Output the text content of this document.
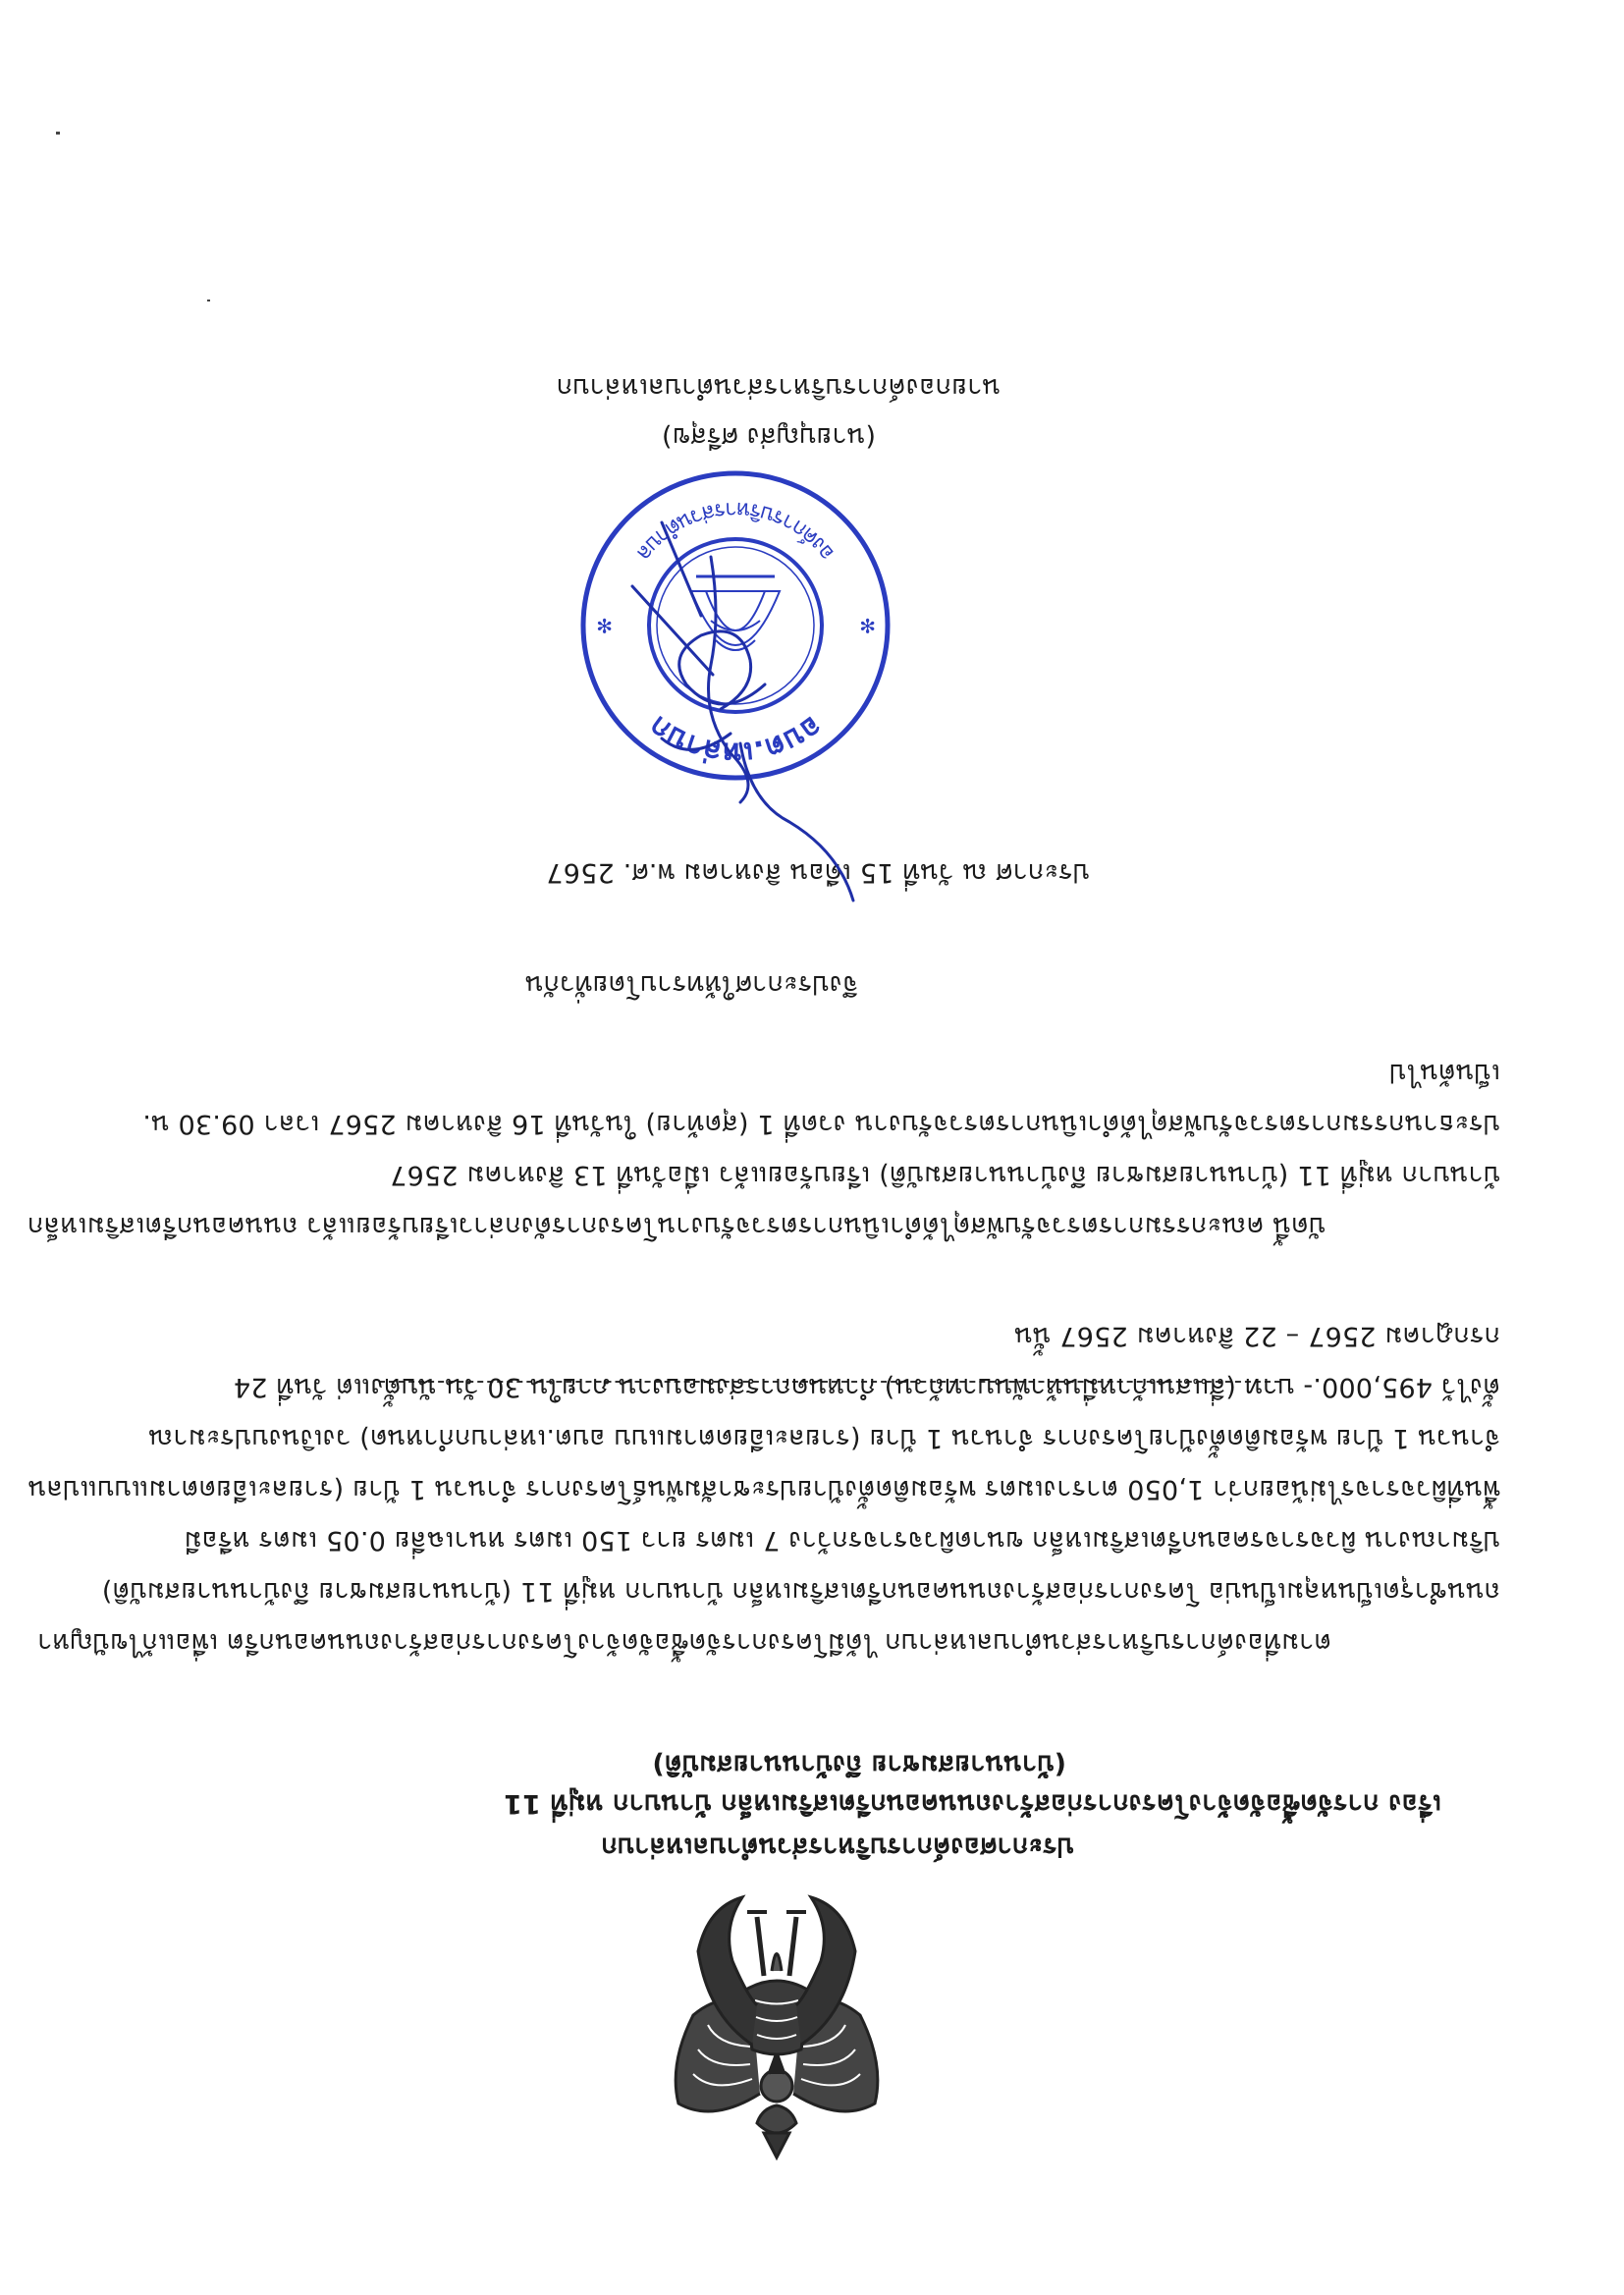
ประกาศองค์การบริหารส่วนตำบลเหล่าบก
เรื่อง การจัดซื้อจัดจ้างโครงการก่อสร้างถนนคอนกรีตเสริมเหล็ก บ้านบาก หมู่ที่ 11
(บ้านนายสมชาย ถึงบ้านนายสมบัติ)
ตามที่องค์การบริหารส่วนตำบลเหล่าบก ได้มีโครงการจัดซื้อจัดจ้างโครงการก่อสร้างถนนคอนกรีต เพื่อแก้ไขปัญหา
ถนนชำรุดเป็นหลุมเป็นบ่อ โครงการก่อสร้างถนนคอนกรีตเสริมเหล็ก บ้านบาก หมู่ที่ 11 (บ้านนายสมชาย ถึงบ้านนายสมบัติ)
ปริมาณงาน ผิวจราจรคอนกรีตเสริมเหล็ก ขนาดผิวจราจรกว้าง 7 เมตร ยาว 150 เมตร หนาเฉลี่ย 0.05 เมตร หรือมี
พื้นที่ผิวจราจรไม่น้อยกว่า 1,050 ตารางเมตร พร้อมติดตั้งป้ายประชาสัมพันธ์โครงการ จำนวน 1 ป้าย (รายละเอียดตามแบบแปลน
จำนวน 1 ป้าย พร้อมติดตั้งป้ายโครงการ จำนวน 1 ป้าย (รายละเอียดตามแบบ อบต.เหล่าบกกำหนด) วงเงินงบประมาณ
ตั้งไว้ 495,000.- บาท (สี่แสนเก้าหมื่นห้าพันบาทถ้วน) กำหนดการส่งมอบงาน ภายใน 30 วัน นับตั้งแต่ วันที่ 24
กรกฎาคม 2567 – 22 สิงหาคม 2567 นั้น
บัดนี้ คณะกรรมการตรวจรับพัสดุได้ดำเนินการตรวจรับงานโครงการดังกล่าวเรียบร้อยแล้ว ถนนคอนกรีตเสริมเหล็ก
บ้านบาก หมู่ที่ 11 (บ้านนายสมชาย ถึงบ้านนายสมบัติ) เรียบร้อยแล้ว เมื่อวันที่ 13 สิงหาคม 2567
ประธานกรรมการตรวจรับพัสดุได้ดำเนินการตรวจรับงาน งวดที่ 1 (สุดท้าย) ในวันที่ 16 สิงหาคม 2567 เวลา 09.30 น.
เป็นต้นไป
จึงประกาศให้ทราบโดยทั่วกัน
ประกาศ ณ วันที่ 15 เดือน สิงหาคม พ.ศ. 2567
อบต.เหล่าบก
องค์การบริหารส่วนตำบล
✻
✻
(นายบุญส่ง ศรีสุข)
นายกองค์การบริหารส่วนตำบลเหล่าบก
